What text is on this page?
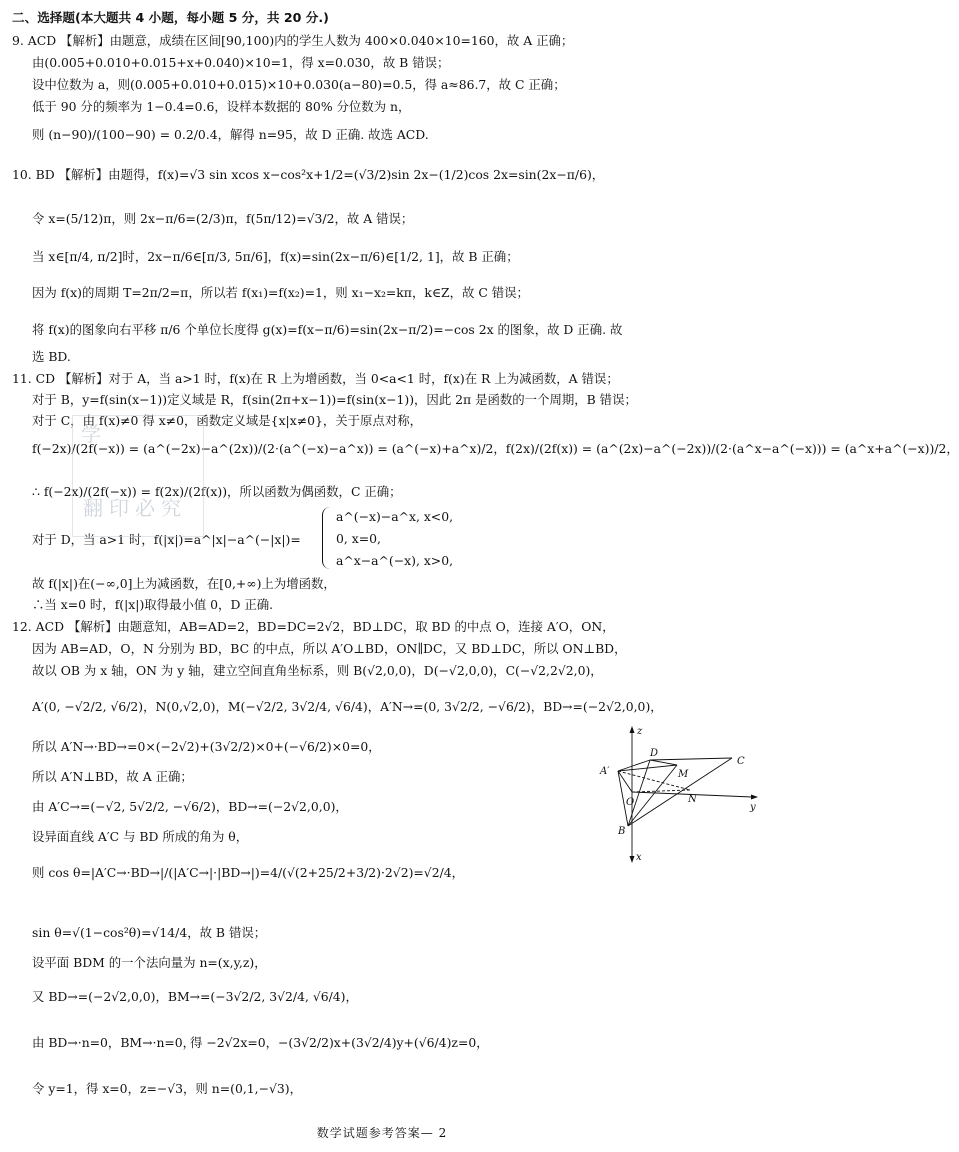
二、选择题(本大题共 4 小题，每小题 5 分，共 20 分.)
9. ACD 【解析】由题意，成绩在区间[90,100)内的学生人数为 400×0.040×10=160，故 A 正确；
由(0.005+0.010+0.015+x+0.040)×10=1，得 x=0.030，故 B 错误；
设中位数为 a，则(0.005+0.010+0.015)×10+0.030(a−80)=0.5，得 a≈86.7，故 C 正确；
低于 90 分的频率为 1−0.4=0.6，设样本数据的 80% 分位数为 n，
则 (n−90)/(100−90) = 0.2/0.4，解得 n=95，故 D 正确. 故选 ACD.
10. BD 【解析】由题得，f(x)=√3 sin xcos x−cos²x+1/2=(√3/2)sin 2x−(1/2)cos 2x=sin(2x−π/6)，
令 x=(5/12)π，则 2x−π/6=(2/3)π，f(5π/12)=√3/2，故 A 错误；
当 x∈[π/4, π/2]时，2x−π/6∈[π/3, 5π/6]，f(x)=sin(2x−π/6)∈[1/2, 1]，故 B 正确；
因为 f(x)的周期 T=2π/2=π，所以若 f(x₁)=f(x₂)=1，则 x₁−x₂=kπ，k∈Z，故 C 错误；
将 f(x)的图象向右平移 π/6 个单位长度得 g(x)=f(x−π/6)=sin(2x−π/2)=−cos 2x 的图象，故 D 正确. 故
选 BD.
11. CD 【解析】对于 A，当 a>1 时，f(x)在 R 上为增函数，当 0<a<1 时，f(x)在 R 上为减函数，A 错误；
对于 B，y=f(sin(x−1))定义域是 R，f(sin(2π+x−1))=f(sin(x−1))，因此 2π 是函数的一个周期，B 错误；
对于 C，由 f(x)≠0 得 x≠0，函数定义域是{x|x≠0}，关于原点对称，
f(−2x)/(2f(−x)) = (a^(−2x)−a^(2x))/(2·(a^(−x)−a^x)) = (a^(−x)+a^x)/2，f(2x)/(2f(x)) = (a^(2x)−a^(−2x))/(2·(a^x−a^(−x))) = (a^x+a^(−x))/2，
∴ f(−2x)/(2f(−x)) = f(2x)/(2f(x))，所以函数为偶函数，C 正确；
对于 D，当 a>1 时，f(|x|)=a^|x|−a^(−|x|)=
a^(−x)−a^x, x<0,
0, x=0,
a^x−a^(−x), x>0,
故 f(|x|)在(−∞,0]上为减函数，在[0,+∞)上为增函数，
∴当 x=0 时，f(|x|)取得最小值 0，D 正确.
12. ACD 【解析】由题意知，AB=AD=2，BD=DC=2√2，BD⊥DC，取 BD 的中点 O，连接 A′O，ON，
因为 AB=AD，O，N 分别为 BD，BC 的中点，所以 A′O⊥BD，ON∥DC，又 BD⊥DC，所以 ON⊥BD，
故以 OB 为 x 轴，ON 为 y 轴，建立空间直角坐标系，则 B(√2,0,0)，D(−√2,0,0)，C(−√2,2√2,0)，
A′(0, −√2/2, √6/2)，N(0,√2,0)，M(−√2/2, 3√2/4, √6/4)，A′N→=(0, 3√2/2, −√6/2)，BD→=(−2√2,0,0)，
所以 A′N→·BD→=0×(−2√2)+(3√2/2)×0+(−√6/2)×0=0，
所以 A′N⊥BD，故 A 正确；
由 A′C→=(−√2, 5√2/2, −√6/2)，BD→=(−2√2,0,0)，
设异面直线 A′C 与 BD 所成的角为 θ，
则 cos θ=|A′C→·BD→|/(|A′C→|·|BD→|)=4/(√(2+25/2+3/2)·2√2)=√2/4，
sin θ=√(1−cos²θ)=√14/4，故 B 错误；
设平面 BDM 的一个法向量为 n=(x,y,z)，
又 BD→=(−2√2,0,0)，BM→=(−3√2/2, 3√2/4, √6/4)，
由 BD→·n=0，BM→·n=0，
得 −2√2x=0，−(3√2/2)x+(3√2/4)y+(√6/4)z=0，
令 y=1，得 x=0，z=−√3，则 n=(0,1,−√3)，
学
翻印必究
z
D
A′	M
C
O	N
y
B
x
数学试题参考答案— 2
